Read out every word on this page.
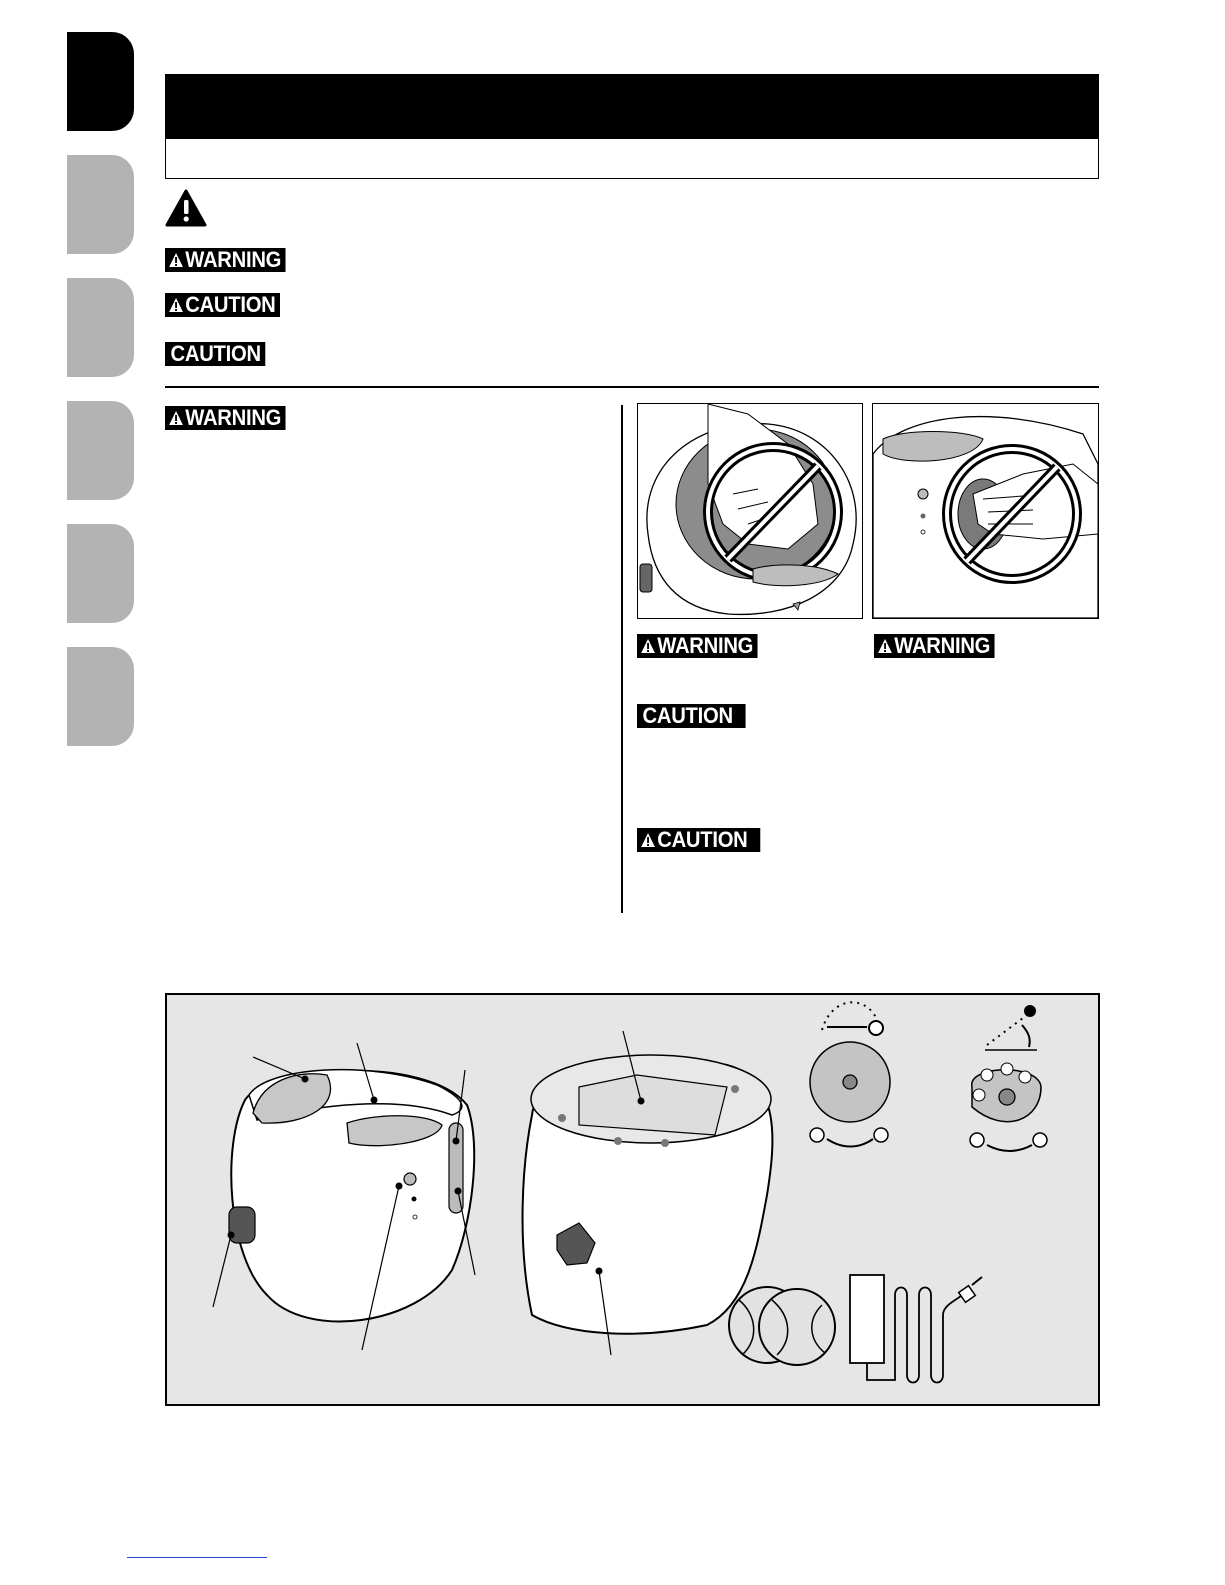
WARNING
CAUTION
CAUTION
WARNING
WARNING	WARNING
CAUTION
CAUTION
